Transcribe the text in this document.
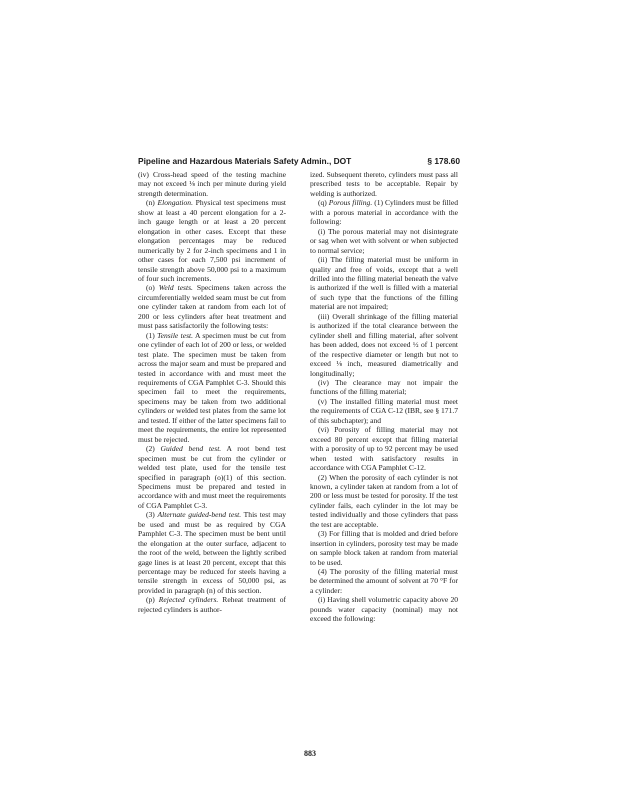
Pipeline and Hazardous Materials Safety Admin., DOT	§ 178.60

(iv) Cross-head speed of the testing machine may not exceed ⅛ inch per minute during yield strength determination.

(n) Elongation. Physical test specimens must show at least a 40 percent elongation for a 2-inch gauge length or at least a 20 percent elongation in other cases. Except that these elongation percentages may be reduced numerically by 2 for 2-inch specimens and 1 in other cases for each 7,500 psi increment of tensile strength above 50,000 psi to a maximum of four such increments.

(o) Weld tests. Specimens taken across the circumferentially welded seam must be cut from one cylinder taken at random from each lot of 200 or less cylinders after heat treatment and must pass satisfactorily the following tests:

(1) Tensile test. A specimen must be cut from one cylinder of each lot of 200 or less, or welded test plate. The specimen must be taken from across the major seam and must be prepared and tested in accordance with and must meet the requirements of CGA Pamphlet C-3. Should this specimen fail to meet the requirements, specimens may be taken from two additional cylinders or welded test plates from the same lot and tested. If either of the latter specimens fail to meet the requirements, the entire lot represented must be rejected.

(2) Guided bend test. A root bend test specimen must be cut from the cylinder or welded test plate, used for the tensile test specified in paragraph (o)(1) of this section. Specimens must be prepared and tested in accordance with and must meet the requirements of CGA Pamphlet C-3.

(3) Alternate guided-bend test. This test may be used and must be as required by CGA Pamphlet C-3. The specimen must be bent until the elongation at the outer surface, adjacent to the root of the weld, between the lightly scribed gage lines is at least 20 percent, except that this percentage may be reduced for steels having a tensile strength in excess of 50,000 psi, as provided in paragraph (n) of this section.

(p) Rejected cylinders. Reheat treatment of rejected cylinders is author-

ized. Subsequent thereto, cylinders must pass all prescribed tests to be acceptable. Repair by welding is authorized.

(q) Porous filling. (1) Cylinders must be filled with a porous material in accordance with the following:

(i) The porous material may not disintegrate or sag when wet with solvent or when subjected to normal service;

(ii) The filling material must be uniform in quality and free of voids, except that a well drilled into the filling material beneath the valve is authorized if the well is filled with a material of such type that the functions of the filling material are not impaired;

(iii) Overall shrinkage of the filling material is authorized if the total clearance between the cylinder shell and filling material, after solvent has been added, does not exceed ½ of 1 percent of the respective diameter or length but not to exceed ⅛ inch, measured diametrically and longitudinally;

(iv) The clearance may not impair the functions of the filling material;

(v) The installed filling material must meet the requirements of CGA C-12 (IBR, see § 171.7 of this subchapter); and

(vi) Porosity of filling material may not exceed 80 percent except that filling material with a porosity of up to 92 percent may be used when tested with satisfactory results in accordance with CGA Pamphlet C-12.

(2) When the porosity of each cylinder is not known, a cylinder taken at random from a lot of 200 or less must be tested for porosity. If the test cylinder fails, each cylinder in the lot may be tested individually and those cylinders that pass the test are acceptable.

(3) For filling that is molded and dried before insertion in cylinders, porosity test may be made on sample block taken at random from material to be used.

(4) The porosity of the filling material must be determined the amount of solvent at 70 °F for a cylinder:

(i) Having shell volumetric capacity above 20 pounds water capacity (nominal) may not exceed the following:

883
